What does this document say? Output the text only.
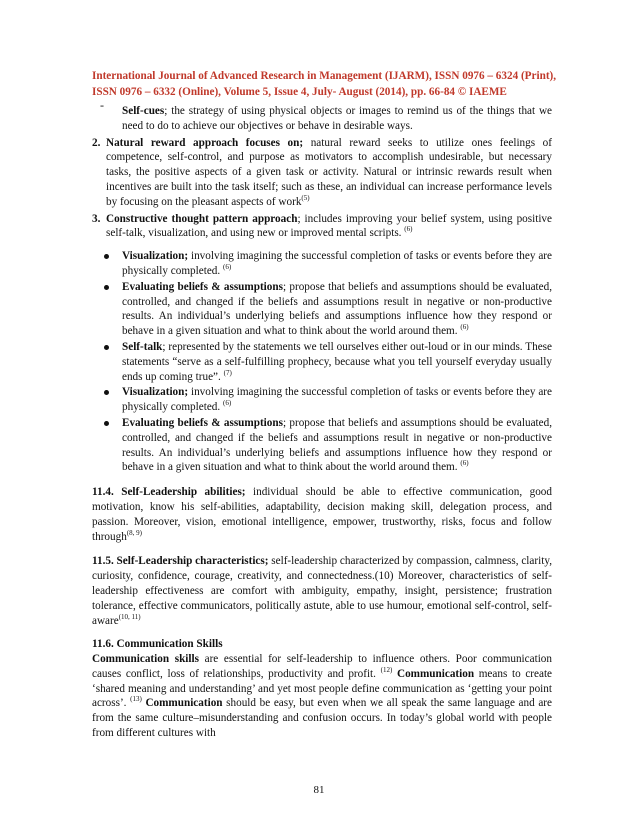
International Journal of Advanced Research in Management (IJARM), ISSN 0976 – 6324 (Print),
ISSN 0976 – 6332 (Online), Volume 5, Issue 4, July- August (2014), pp. 66-84 © IAEME
- Self-cues; the strategy of using physical objects or images to remind us of the things that we need to do to achieve our objectives or behave in desirable ways.
2. Natural reward approach focuses on; natural reward seeks to utilize ones feelings of competence, self-control, and purpose as motivators to accomplish undesirable, but necessary tasks, the positive aspects of a given task or activity. Natural or intrinsic rewards result when incentives are built into the task itself; such as these, an individual can increase performance levels by focusing on the pleasant aspects of work$^{(5)}$
3. Constructive thought pattern approach; includes improving your belief system, using positive self-talk, visualization, and using new or improved mental scripts. $^{(6)}$
Visualization; involving imagining the successful completion of tasks or events before they are physically completed. $^{(6)}$
Evaluating beliefs & assumptions; propose that beliefs and assumptions should be evaluated, controlled, and changed if the beliefs and assumptions result in negative or non-productive results. An individual’s underlying beliefs and assumptions influence how they respond or behave in a given situation and what to think about the world around them. $^{(6)}$
Self-talk; represented by the statements we tell ourselves either out-loud or in our minds. These statements “serve as a self-fulfilling prophecy, because what you tell yourself everyday usually ends up coming true”. $^{(7)}$
Visualization; involving imagining the successful completion of tasks or events before they are physically completed. $^{(6)}$
Evaluating beliefs & assumptions; propose that beliefs and assumptions should be evaluated, controlled, and changed if the beliefs and assumptions result in negative or non-productive results. An individual’s underlying beliefs and assumptions influence how they respond or behave in a given situation and what to think about the world around them. $^{(6)}$
11.4. Self-Leadership abilities; individual should be able to effective communication, good motivation, know his self-abilities, adaptability, decision making skill, delegation process, and passion. Moreover, vision, emotional intelligence, empower, trustworthy, risks, focus and follow through$^{(8, 9)}$
11.5. Self-Leadership characteristics; self-leadership characterized by compassion, calmness, clarity, curiosity, confidence, courage, creativity, and connectedness.(10) Moreover, characteristics of self-leadership effectiveness are comfort with ambiguity, empathy, insight, persistence; frustration tolerance, effective communicators, politically astute, able to use humour, emotional self-control, self-aware$^{(10, 11)}$
11.6. Communication Skills
Communication skills are essential for self-leadership to influence others. Poor communication causes conflict, loss of relationships, productivity and profit. $^{(12)}$ Communication means to create ‘shared meaning and understanding’ and yet most people define communication as ‘getting your point across’. $^{(13)}$ Communication should be easy, but even when we all speak the same language and are from the same culture–misunderstanding and confusion occurs. In today’s global world with people from different cultures with
81
